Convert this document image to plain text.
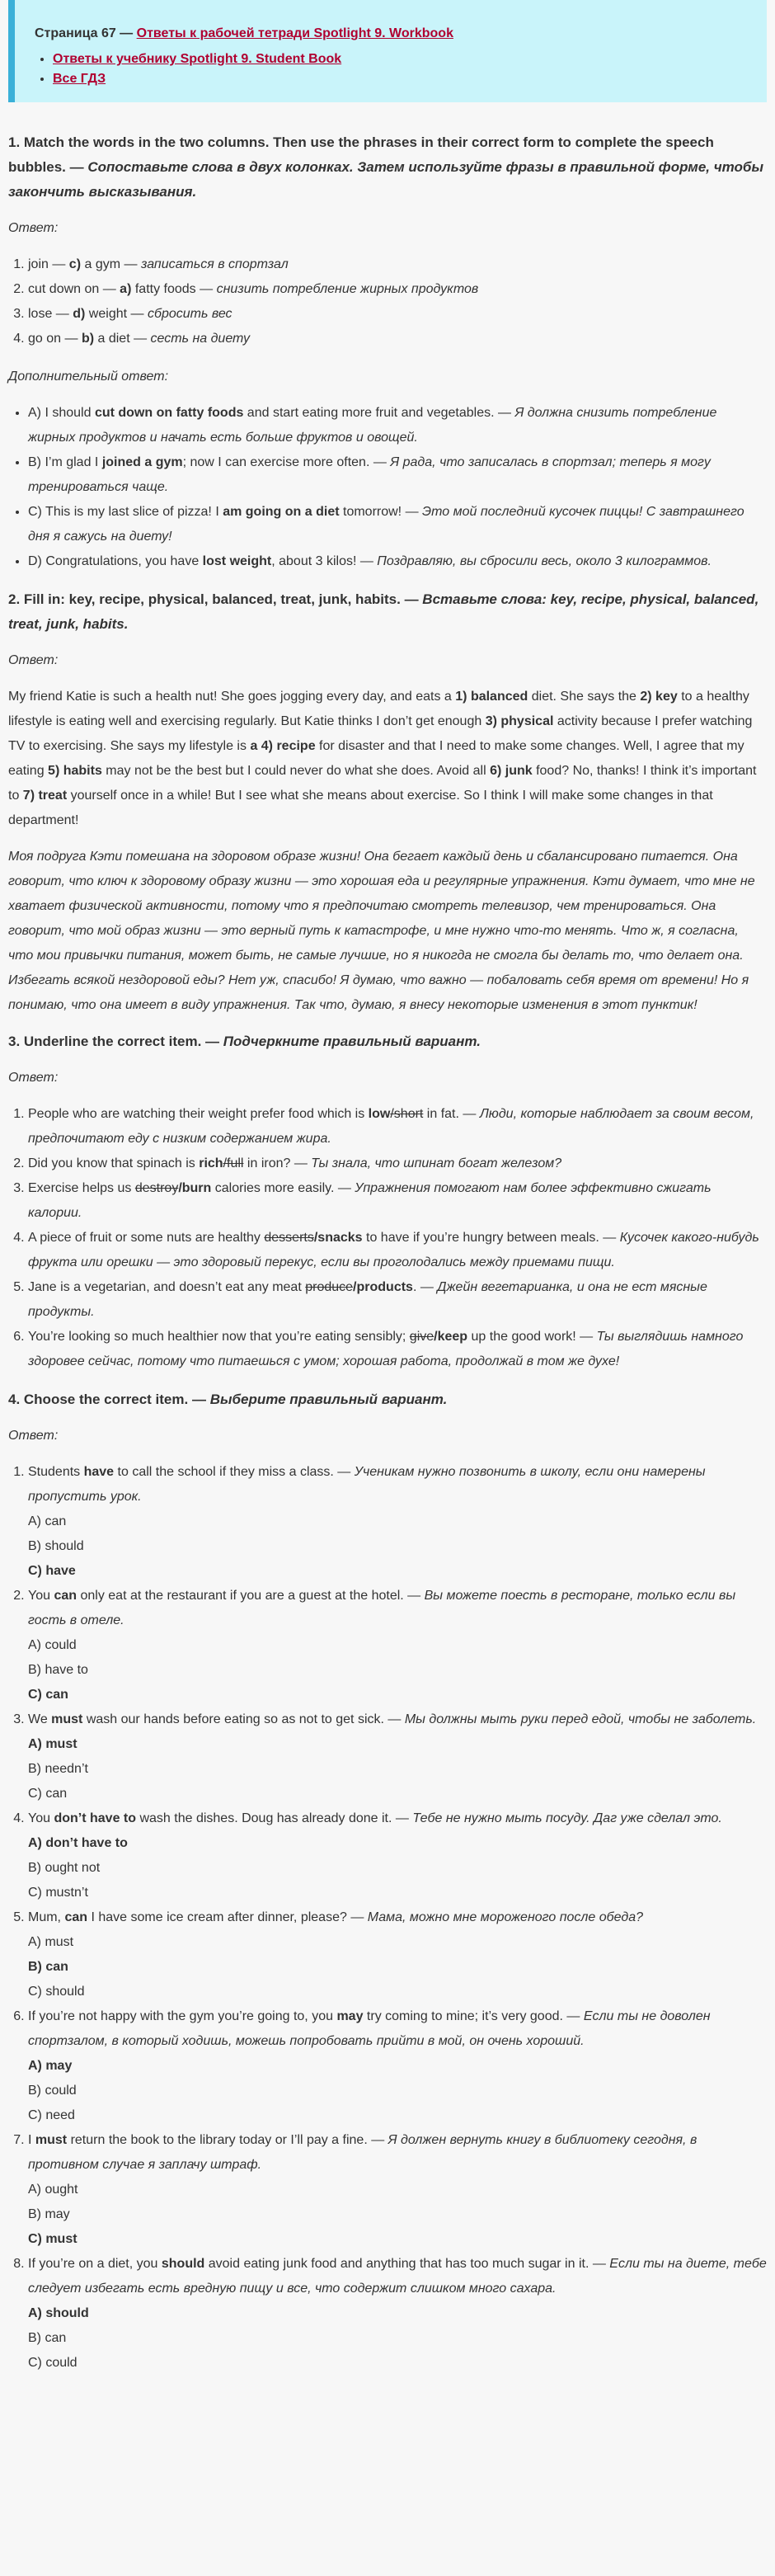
Страница 67 — Ответы к рабочей тетради Spotlight 9. Workbook
• Ответы к учебнику Spotlight 9. Student Book
• Все ГДЗ
1. Match the words in the two columns. Then use the phrases in their correct form to complete the speech bubbles. — Сопоставьте слова в двух колонках. Затем используйте фразы в правильной форме, чтобы закончить высказывания.
Ответ:
1. join — c) a gym — записаться в спортзал
2. cut down on — a) fatty foods — снизить потребление жирных продуктов
3. lose — d) weight — сбросить вес
4. go on — b) a diet — сесть на диету
Дополнительный ответ:
• A) I should cut down on fatty foods and start eating more fruit and vegetables. — Я должна снизить потребление жирных продуктов и начать есть больше фруктов и овощей.
• B) I’m glad I joined a gym; now I can exercise more often. — Я рада, что записалась в спортзал; теперь я могу тренироваться чаще.
• C) This is my last slice of pizza! I am going on a diet tomorrow! — Это мой последний кусочек пиццы! С завтрашнего дня я сажусь на диету!
• D) Congratulations, you have lost weight, about 3 kilos! — Поздравляю, вы сбросили весь, около 3 килограммов.
2. Fill in: key, recipe, physical, balanced, treat, junk, habits. — Вставьте слова: key, recipe, physical, balanced, treat, junk, habits.
Ответ:

My friend Katie is such a health nut! She goes jogging every day, and eats a 1) balanced diet. She says the 2) key to a healthy lifestyle is eating well and exercising regularly. But Katie thinks I don’t get enough 3) physical activity because I prefer watching TV to exercising. She says my lifestyle is a 4) recipe for disaster and that I need to make some changes. Well, I agree that my eating 5) habits may not be the best but I could never do what she does. Avoid all 6) junk food? No, thanks! I think it’s important to 7) treat yourself once in a while! But I see what she means about exercise. So I think I will make some changes in that department!

Моя подруга Кэти помешана на здоровом образе жизни! Она бегает каждый день и сбалансировано питается. Она говорит, что ключ к здоровому образу жизни — это хорошая еда и регулярные упражнения. Кэти думает, что мне не хватает физической активности, потому что я предпочитаю смотреть телевизор, чем тренироваться. Она говорит, что мой образ жизни — это верный путь к катастрофе, и мне нужно что-то менять. Что ж, я согласна, что мои привычки питания, может быть, не самые лучшие, но я никогда не смогла бы делать то, что делает она. Избегать всякой нездоровой еды? Нет уж, спасибо! Я думаю, что важно — побаловать себя время от времени! Но я понимаю, что она имеет в виду упражнения. Так что, думаю, я внесу некоторые изменения в этот пунктик!

3. Underline the correct item. — Подчеркните правильный вариант.
Ответ:
1. People who are watching their weight prefer food which is low/short in fat. — Люди, которые наблюдает за своим весом, предпочитают еду с низким содержанием жира.
2. Did you know that spinach is rich/full in iron? — Ты знала, что шпинат богат железом?
3. Exercise helps us destroy/burn calories more easily. — Упражнения помогают нам более эффективно сжигать калории.
4. A piece of fruit or some nuts are healthy desserts/snacks to have if you’re hungry between meals. — Кусочек какого-нибудь фрукта или орешки — это здоровый перекус, если вы проголодались между приемами пищи.
5. Jane is a vegetarian, and doesn’t eat any meat produce/products. — Джейн вегетарианка, и она не ест мясные продукты.
6. You’re looking so much healthier now that you’re eating sensibly; give/keep up the good work! — Ты выглядишь намного здоровее сейчас, потому что питаешься с умом; хорошая работа, продолжай в том же духе!
4. Choose the correct item. — Выберите правильный вариант.
Ответ:
1. Students have to call the school if they miss a class. — Ученикам нужно позвонить в школу, если они намерены пропустить урок.
A) can
B) should
C) have
2. You can only eat at the restaurant if you are a guest at the hotel. — Вы можете поесть в ресторане, только если вы гость в отеле.
A) could
B) have to
C) can
3. We must wash our hands before eating so as not to get sick. — Мы должны мыть руки перед едой, чтобы не заболеть.
A) must
B) needn’t
C) can
4. You don’t have to wash the dishes. Doug has already done it. — Тебе не нужно мыть посуду. Даг уже сделал это.
A) don’t have to
B) ought not
C) mustn’t
5. Mum, can I have some ice cream after dinner, please? — Мама, можно мне мороженого после обеда?
A) must
B) can
C) should
6. If you’re not happy with the gym you’re going to, you may try coming to mine; it’s very good. — Если ты не доволен спортзалом, в который ходишь, можешь попробовать прийти в мой, он очень хороший.
A) may
B) could
C) need
7. I must return the book to the library today or I’ll pay a fine. — Я должен вернуть книгу в библиотеку сегодня, в противном случае я заплачу штраф.
A) ought
B) may
C) must
8. If you’re on a diet, you should avoid eating junk food and anything that has too much sugar in it. — Если ты на диете, тебе следует избегать есть вредную пищу и все, что содержит слишком много сахара.
A) should
B) can
C) could
